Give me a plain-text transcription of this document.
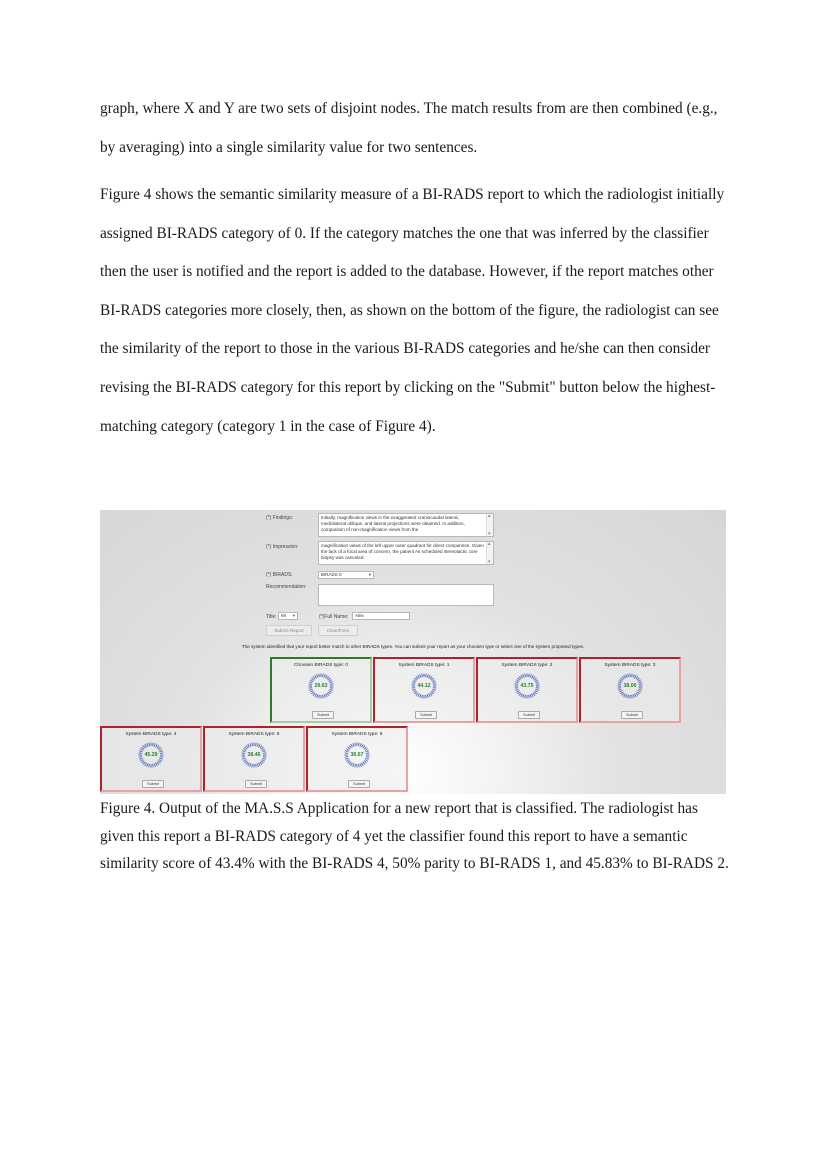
graph, where X and Y are two sets of disjoint nodes. The match results from are then combined (e.g., by averaging) into a single similarity value for two sentences.

Figure 4 shows the semantic similarity measure of a BI-RADS report to which the radiologist initially assigned BI-RADS category of 0. If the category matches the one that was inferred by the classifier then the user is notified and the report is added to the database. However, if the report matches other BI-RADS categories more closely, then, as shown on the bottom of the figure, the radiologist can see the similarity of the report to those in the various BI-RADS categories and he/she can then consider revising the BI-RADS category for this report by clicking on the "Submit" button below the highest-matching category (category 1 in the case of Figure 4).

(*) Findings:	Initially, magnification views in the exaggerated craniocaudal lateral, mediolateral oblique, and lateral projections were obtained. In addition, comparison of non-magnification views from the
▴ ▾
(*) Impression:	magnification views of the left upper outer quadrant for direct comparison. Given the lack of a focal area of concern, the patient As scheduled stereotactic core biopsy was canceled.
▴ ▾
(*) BIRADS:	BIRADS 0	▾
Recommendation:
Title: Mr ▾	(*)Full Name:	Alex
Submit Report	CleanForm
The system identified that your report better match to other BIRADS types. You can submit your report as your choosen type or select one of the system proposed types.
Choosen BIRADS type: 0
29.63
Submit
System BIRADS type: 1
44.12
Submit
System BIRADS type: 2
43.75
Submit
System BIRADS type: 3
38.00
Submit
System BIRADS type: 4
45.29
Submit
System BIRADS type: 5
38.46
Submit
System BIRADS type: 6
36.67
Submit

Figure 4. Output of the MA.S.S Application for a new report that is classified. The radiologist has given this report a BI-RADS category of 4 yet the classifier found this report to have a semantic similarity score of 43.4% with the BI-RADS 4, 50% parity to BI-RADS 1, and 45.83% to BI-RADS 2.
